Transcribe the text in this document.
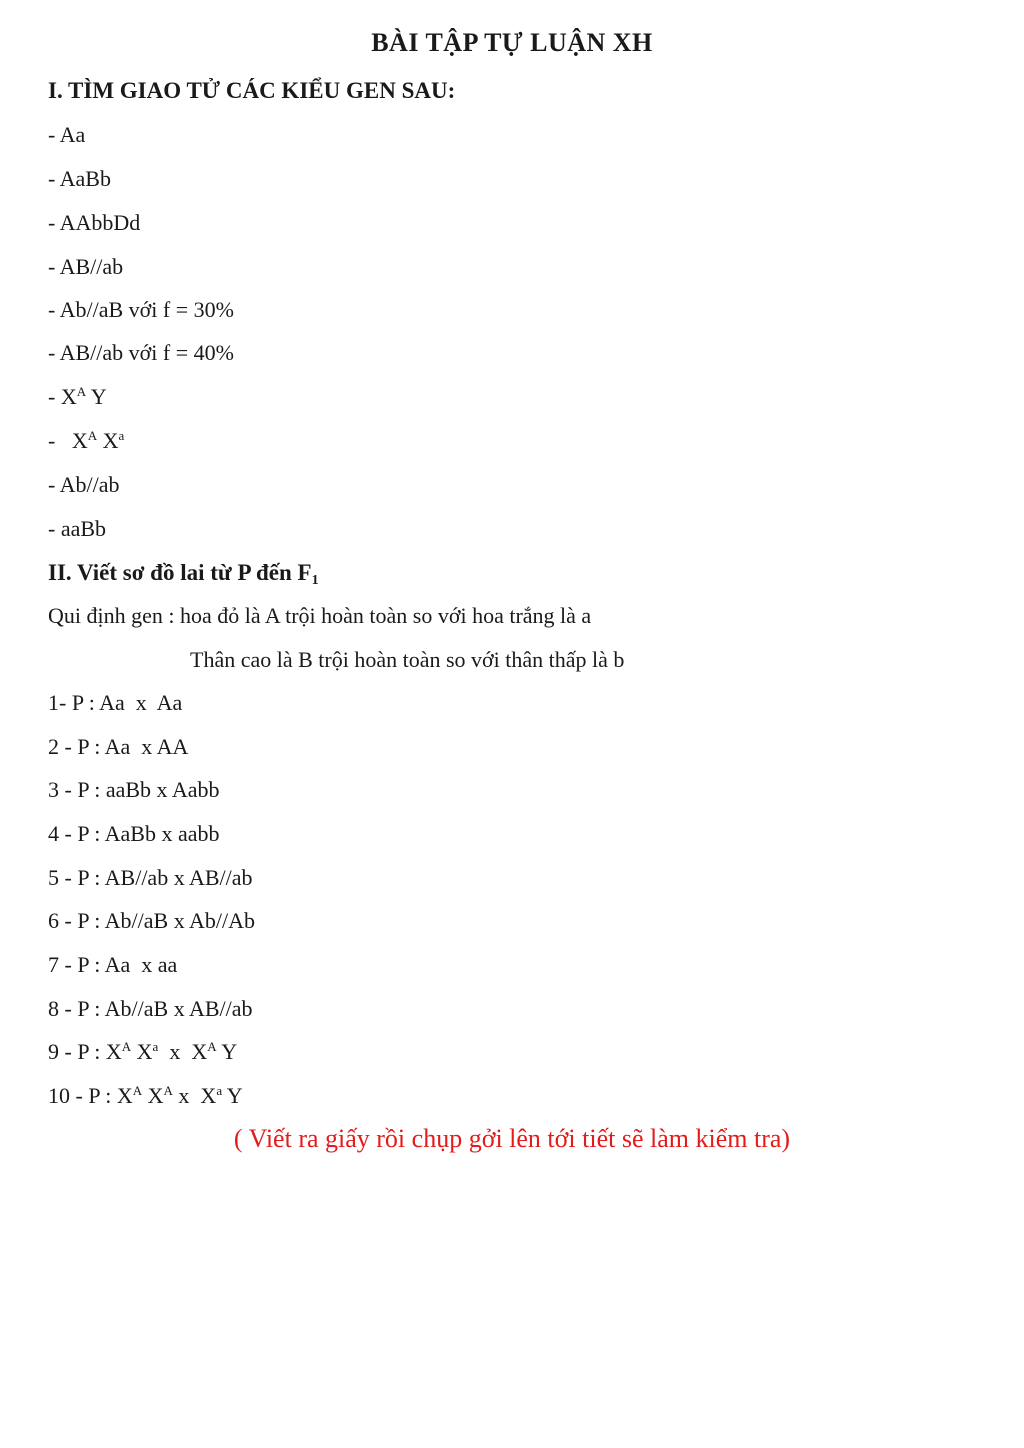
BÀI TẬP TỰ LUẬN XH
I. TÌM GIAO TỬ CÁC KIỂU GEN SAU:
- Aa
- AaBb
- AAbbDd
- AB//ab
- Ab//aB với f = 30%
- AB//ab với f = 40%
- $X^A$ Y
-   $X^A$ $X^a$
- Ab//ab
- aaBb
II. Viết sơ đồ lai từ P đến $F_1$
Qui định gen : hoa đỏ là A trội hoàn toàn so với hoa trắng là a
Thân cao là B trội hoàn toàn so với thân thấp là b
1- P : Aa  x  Aa
2 - P : Aa  x AA
3 - P : aaBb x Aabb
4 - P : AaBb x aabb
5 - P : AB//ab x AB//ab
6 - P : Ab//aB x Ab//Ab
7 - P : Aa  x aa
8 - P : Ab//aB x AB//ab
9 - P : $X^A$ $X^a$  x  $X^A$ Y
10 - P : $X^A$ $X^A$ x  $X^a$ Y
( Viết ra giấy rồi chụp gởi lên tới tiết sẽ làm kiểm tra)
